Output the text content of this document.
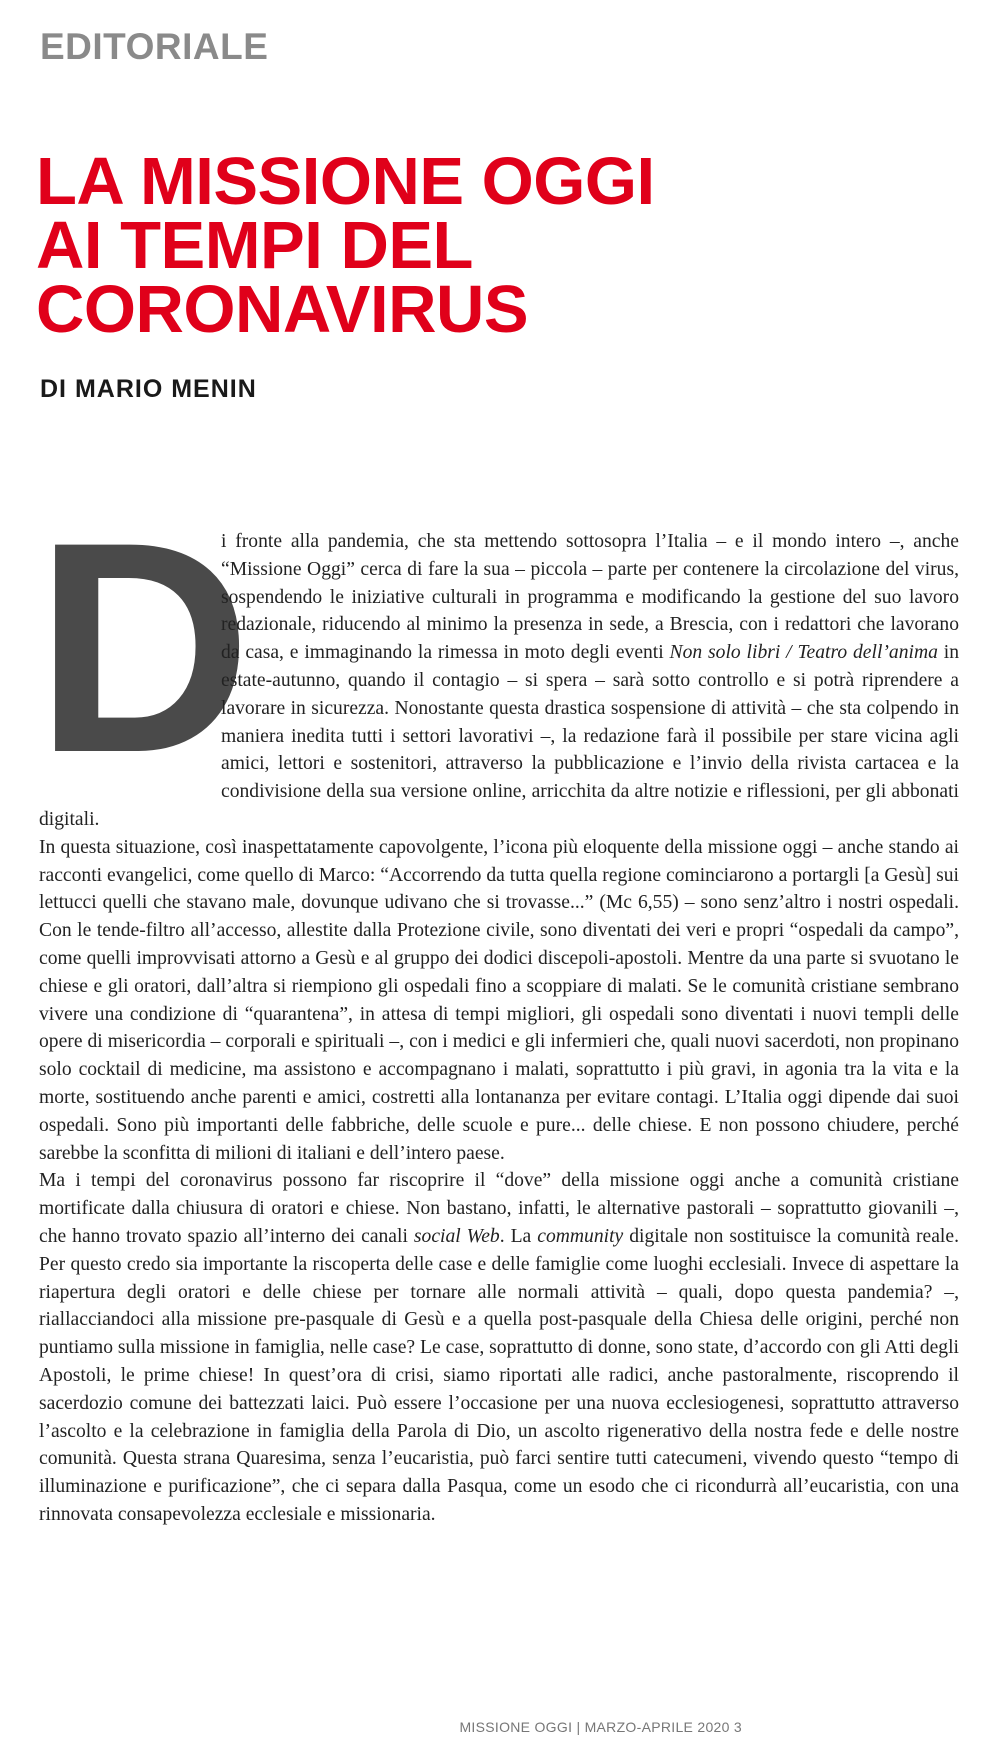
EDITORIALE
LA MISSIONE OGGI
AI TEMPI DEL
CORONAVIRUS

DI MARIO MENIN

D
i fronte alla pandemia, che sta mettendo sottosopra l’Italia – e il mondo intero –, anche “Missione Oggi” cerca di fare la sua – piccola – parte per contenere la circolazione del virus, sospendendo le iniziative culturali in programma e modificando la gestione del suo lavoro redazionale, riducendo al minimo la presenza in sede, a Brescia, con i redattori che lavorano da casa, e immaginando la rimessa in moto degli eventi Non solo libri / Teatro dell’anima in estate-autunno, quando il contagio – si spera – sarà sotto controllo e si potrà riprendere a lavorare in sicurezza. Nonostante questa drastica sospensione di attività – che sta colpendo in maniera inedita tutti i settori lavorativi –, la redazione farà il possibile per stare vicina agli amici, lettori e sostenitori, attraverso la pubblicazione e l’invio della rivista cartacea e la condivisione della sua versione online, arricchita da altre notizie e riflessioni, per gli abbonati digitali.

In questa situazione, così inaspettatamente capovolgente, l’icona più eloquente della missione oggi – anche stando ai racconti evangelici, come quello di Marco: “Accorrendo da tutta quella regione cominciarono a portargli [a Gesù] sui lettucci quelli che stavano male, dovunque udivano che si trovasse...” (Mc 6,55) – sono senz’altro i nostri ospedali. Con le tende-filtro all’accesso, allestite dalla Protezione civile, sono diventati dei veri e propri “ospedali da campo”, come quelli improvvisati attorno a Gesù e al gruppo dei dodici discepoli-apostoli. Mentre da una parte si svuotano le chiese e gli oratori, dall’altra si riempiono gli ospedali fino a scoppiare di malati. Se le comunità cristiane sembrano vivere una condizione di “quarantena”, in attesa di tempi migliori, gli ospedali sono diventati i nuovi templi delle opere di misericordia – corporali e spirituali –, con i medici e gli infermieri che, quali nuovi sacerdoti, non propinano solo cocktail di medicine, ma assistono e accompagnano i malati, soprattutto i più gravi, in agonia tra la vita e la morte, sostituendo anche parenti e amici, costretti alla lontananza per evitare contagi. L’Italia oggi dipende dai suoi ospedali. Sono più importanti delle fabbriche, delle scuole e pure... delle chiese. E non possono chiudere, perché sarebbe la sconfitta di milioni di italiani e dell’intero paese.

Ma i tempi del coronavirus possono far riscoprire il “dove” della missione oggi anche a comunità cristiane mortificate dalla chiusura di oratori e chiese. Non bastano, infatti, le alternative pastorali – soprattutto giovanili –, che hanno trovato spazio all’interno dei canali social Web. La community digitale non sostituisce la comunità reale. Per questo credo sia importante la riscoperta delle case e delle famiglie come luoghi ecclesiali. Invece di aspettare la riapertura degli oratori e delle chiese per tornare alle normali attività – quali, dopo questa pandemia? –, riallacciandoci alla missione pre-pasquale di Gesù e a quella post-pasquale della Chiesa delle origini, perché non puntiamo sulla missione in famiglia, nelle case? Le case, soprattutto di donne, sono state, d’accordo con gli Atti degli Apostoli, le prime chiese! In quest’ora di crisi, siamo riportati alle radici, anche pastoralmente, riscoprendo il sacerdozio comune dei battezzati laici. Può essere l’occasione per una nuova ecclesiogenesi, soprattutto attraverso l’ascolto e la celebrazione in famiglia della Parola di Dio, un ascolto rigenerativo della nostra fede e delle nostre comunità. Questa strana Quaresima, senza l’eucaristia, può farci sentire tutti catecumeni, vivendo questo “tempo di illuminazione e purificazione”, che ci separa dalla Pasqua, come un esodo che ci ricondurrà all’eucaristia, con una rinnovata consapevolezza ecclesiale e missionaria.

MISSIONE OGGI | MARZO-APRILE 2020 3
